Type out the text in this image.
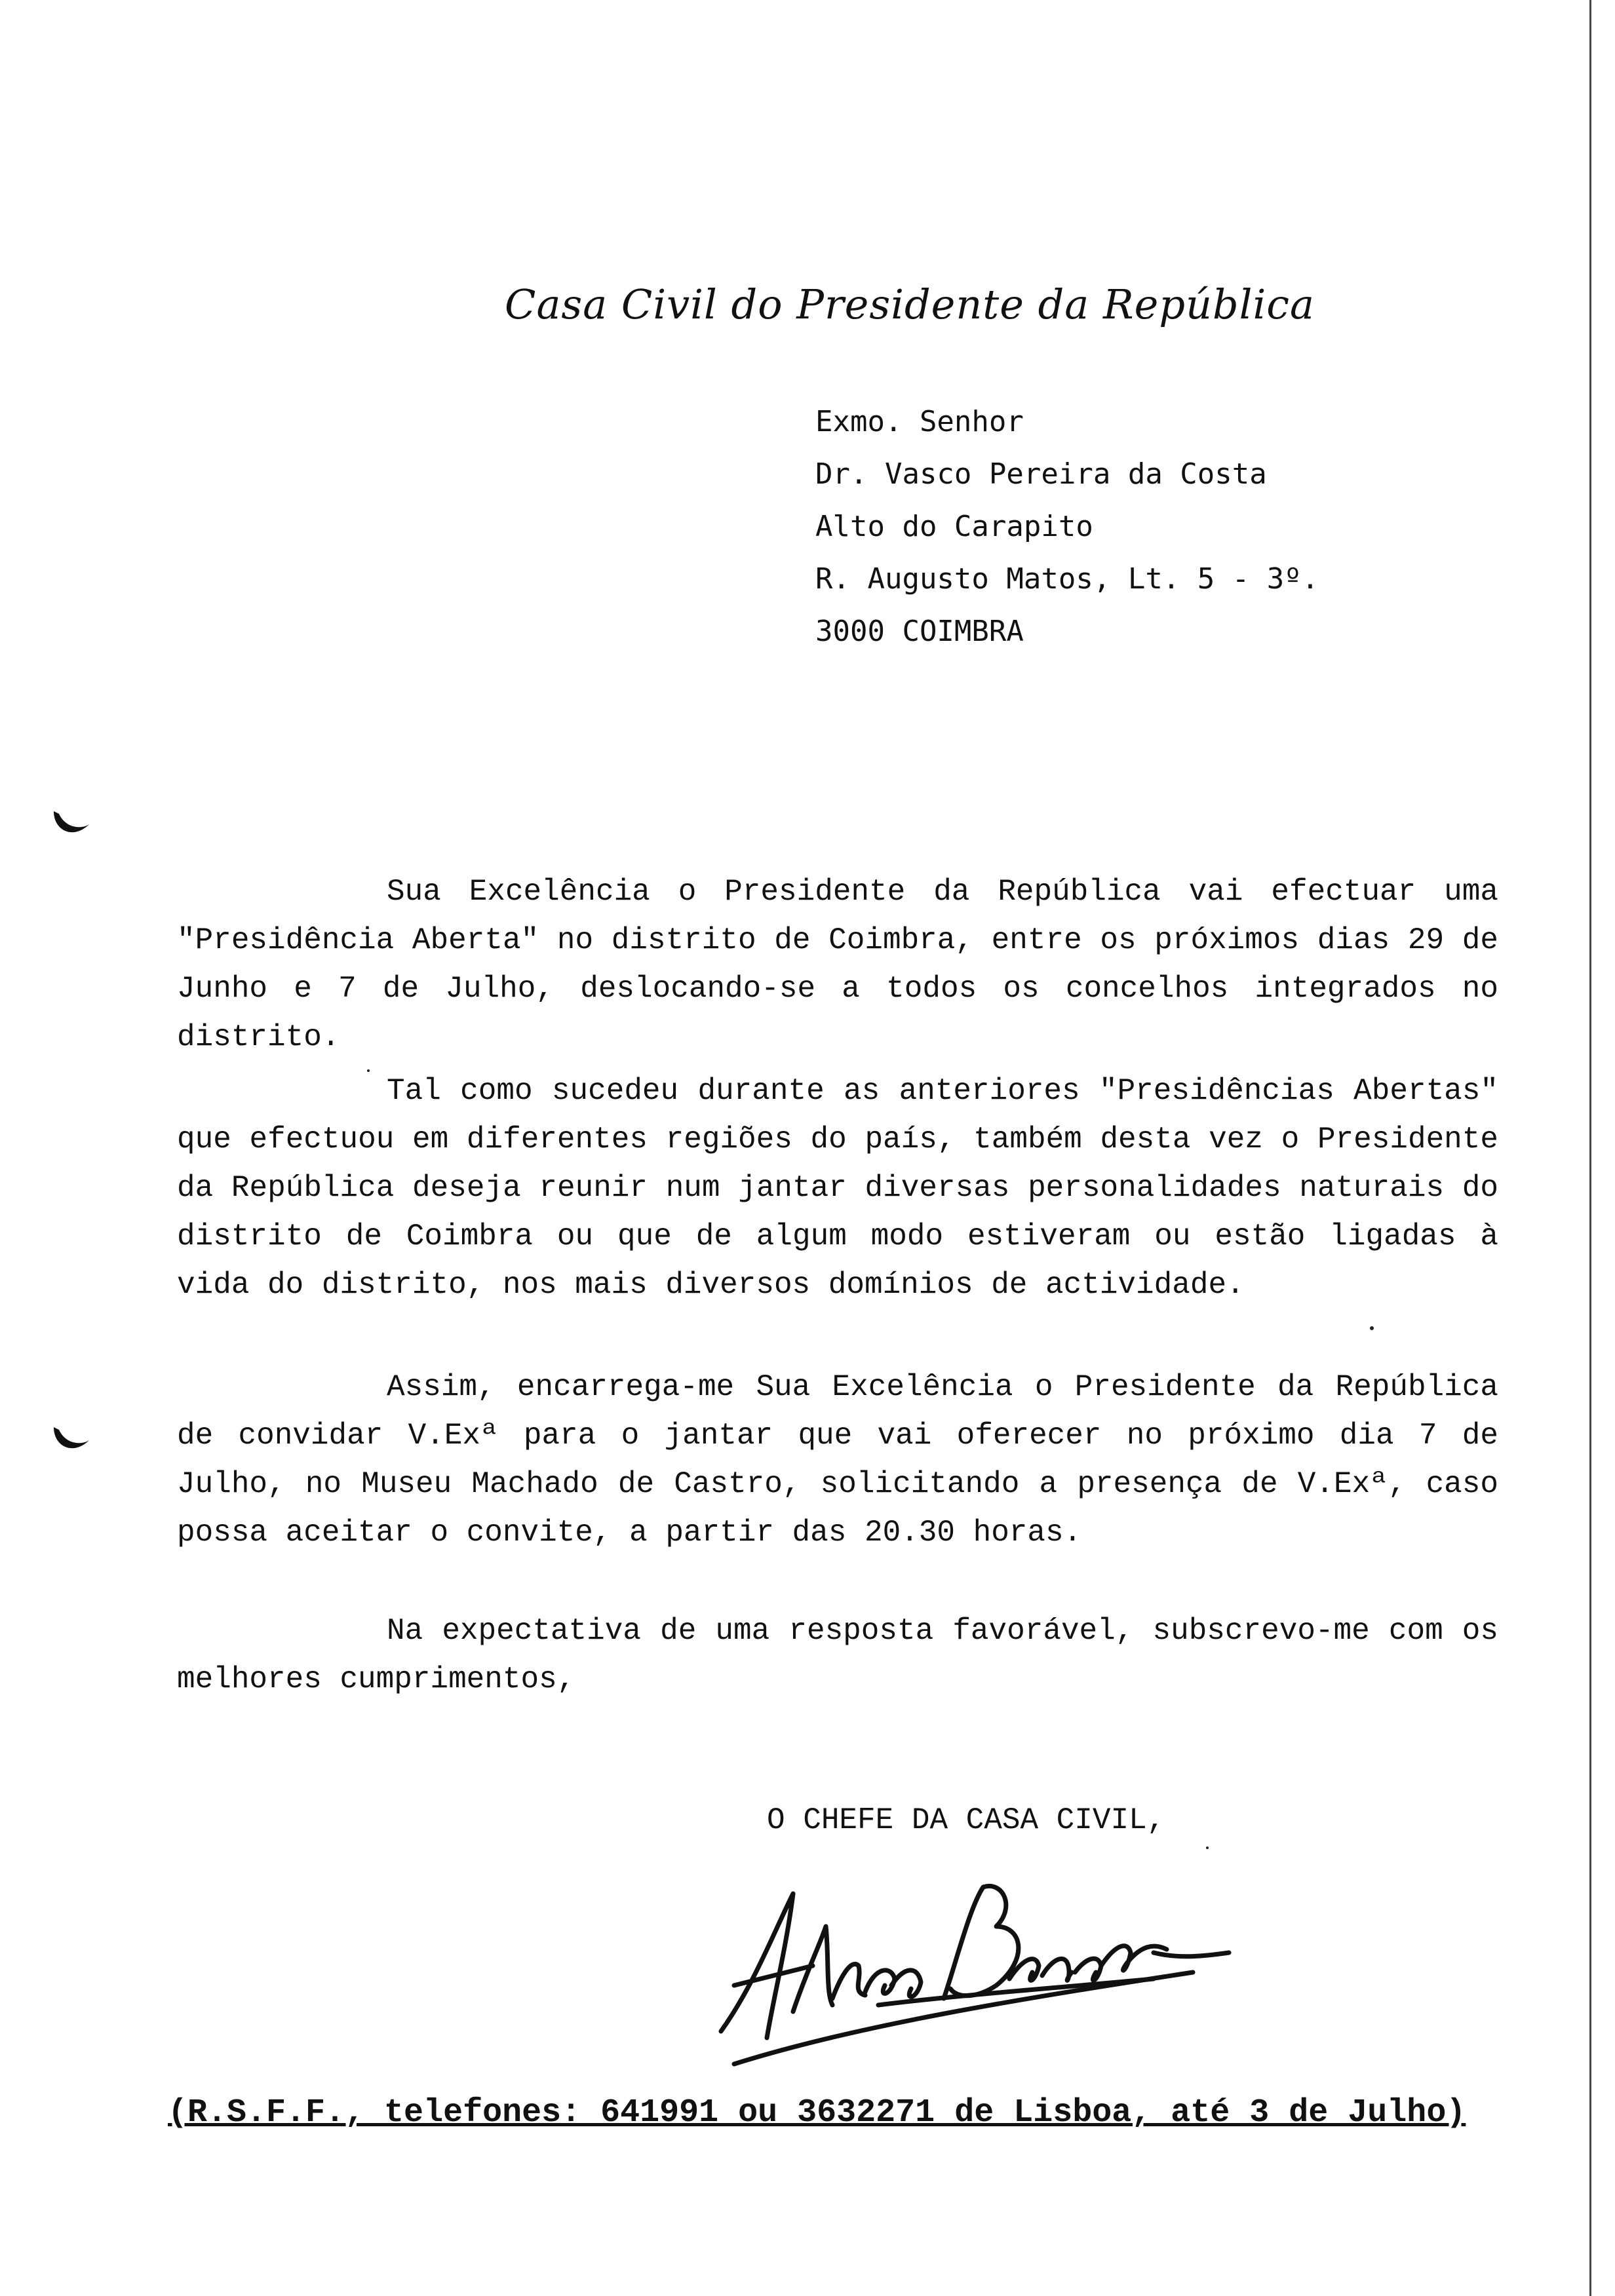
Casa Civil do Presidente da República
Exmo. Senhor
Dr. Vasco Pereira da Costa
Alto do Carapito
R. Augusto Matos, Lt. 5 - 3º.
3000 COIMBRA

Sua Excelência o Presidente da República vai efectuar uma "Presidência Aberta" no distrito de Coimbra, entre os próximos dias 29 de Junho e 7 de Julho, deslocando-se a todos os concelhos integrados no distrito.

Tal como sucedeu durante as anteriores "Presidências Abertas" que efectuou em diferentes regiões do país, também desta vez o Presidente da República deseja reunir num jantar diversas personalidades naturais do distrito de Coimbra ou que de algum modo estiveram ou estão ligadas à vida do distrito, nos mais diversos domínios de actividade.

Assim, encarrega-me Sua Excelência o Presidente da República de convidar V.Exª para o jantar que vai oferecer no próximo dia 7 de Julho, no Museu Machado de Castro, solicitando a presença de V.Exª, caso possa aceitar o convite, a partir das 20.30 horas.

Na expectativa de uma resposta favorável, subscrevo-me com os melhores cumprimentos,

O CHEFE DA CASA CIVIL,
(R.S.F.F., telefones: 641991 ou 3632271 de Lisboa, até 3 de Julho)
